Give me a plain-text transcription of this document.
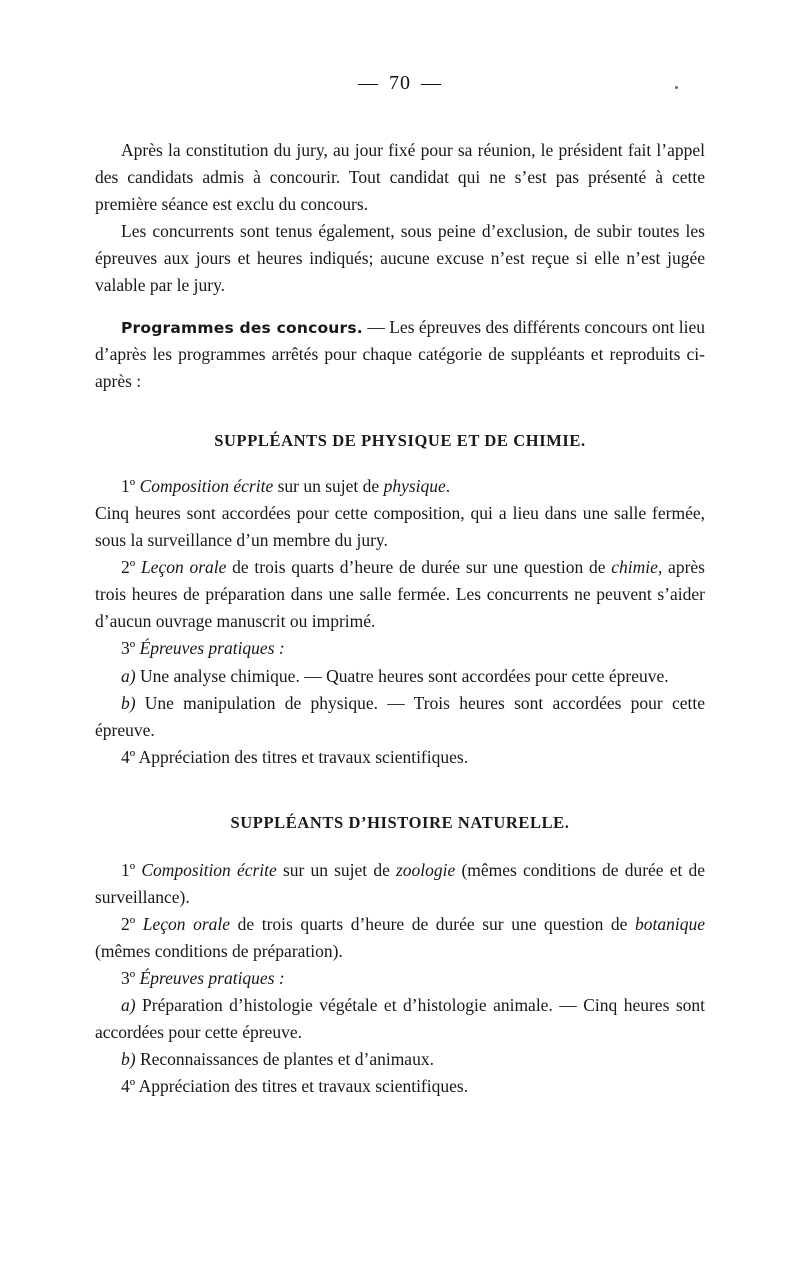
— 70 —

Après la constitution du jury, au jour fixé pour sa réunion, le président fait l’appel des candidats admis à concourir. Tout candidat qui ne s’est pas présenté à cette première séance est exclu du concours.

Les concurrents sont tenus également, sous peine d’exclusion, de subir toutes les épreuves aux jours et heures indiqués; aucune excuse n’est reçue si elle n’est jugée valable par le jury.

Programmes des concours. — Les épreuves des différents concours ont lieu d’après les programmes arrêtés pour chaque catégorie de suppléants et reproduits ci-après :

SUPPLÉANTS DE PHYSIQUE ET DE CHIMIE.

1º Composition écrite sur un sujet de physique.

Cinq heures sont accordées pour cette composition, qui a lieu dans une salle fermée, sous la surveillance d’un membre du jury.

2º Leçon orale de trois quarts d’heure de durée sur une question de chimie, après trois heures de préparation dans une salle fermée. Les concurrents ne peuvent s’aider d’aucun ouvrage manuscrit ou imprimé.

3º Épreuves pratiques :

a) Une analyse chimique. — Quatre heures sont accordées pour cette épreuve.

b) Une manipulation de physique. — Trois heures sont accordées pour cette épreuve.

4º Appréciation des titres et travaux scientifiques.

SUPPLÉANTS D’HISTOIRE NATURELLE.

1º Composition écrite sur un sujet de zoologie (mêmes conditions de durée et de surveillance).

2º Leçon orale de trois quarts d’heure de durée sur une question de botanique (mêmes conditions de préparation).

3º Épreuves pratiques :

a) Préparation d’histologie végétale et d’histologie animale. — Cinq heures sont accordées pour cette épreuve.

b) Reconnaissances de plantes et d’animaux.

4º Appréciation des titres et travaux scientifiques.
